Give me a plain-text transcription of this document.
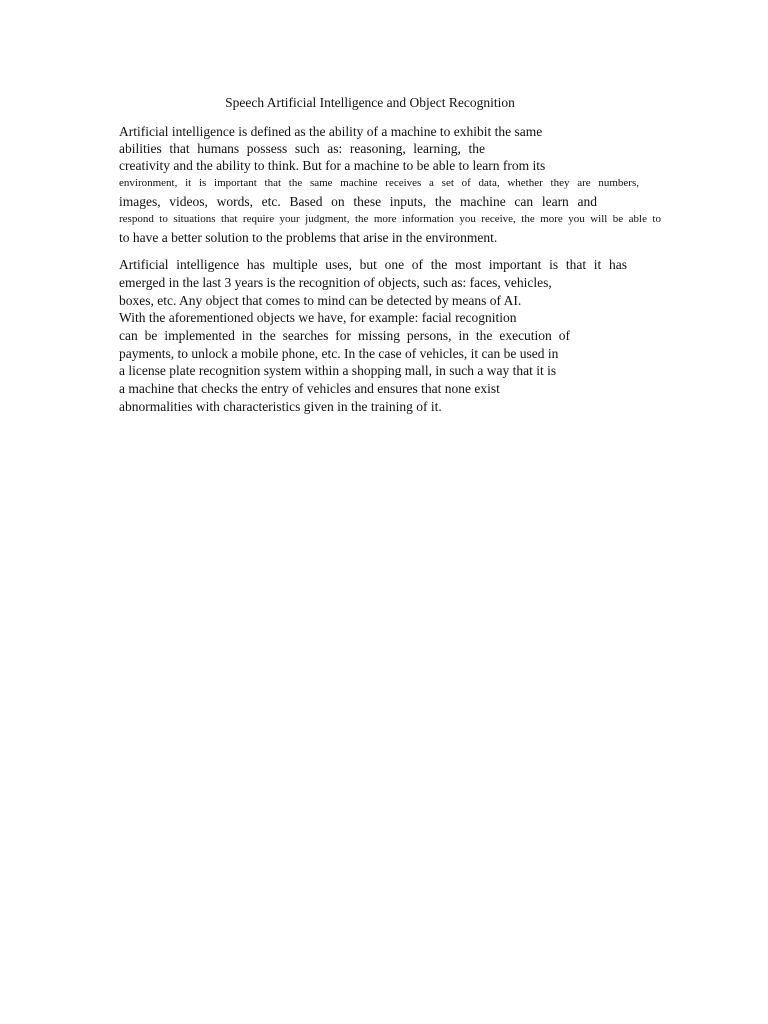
Speech Artificial Intelligence and Object Recognition
Artificial intelligence is defined as the ability of a machine to exhibit the same
abilities that humans possess such as: reasoning, learning, the
creativity and the ability to think. But for a machine to be able to learn from its
environment, it is important that the same machine receives a set of data, whether they are numbers,
images, videos, words, etc. Based on these inputs, the machine can learn and
respond to situations that require your judgment, the more information you receive, the more you will be able to
to have a better solution to the problems that arise in the environment.
Artificial intelligence has multiple uses, but one of the most important is that it has
emerged in the last 3 years is the recognition of objects, such as: faces, vehicles,
boxes, etc. Any object that comes to mind can be detected by means of AI.
With the aforementioned objects we have, for example: facial recognition
can be implemented in the searches for missing persons, in the execution of
payments, to unlock a mobile phone, etc. In the case of vehicles, it can be used in
a license plate recognition system within a shopping mall, in such a way that it is
a machine that checks the entry of vehicles and ensures that none exist
abnormalities with characteristics given in the training of it.
